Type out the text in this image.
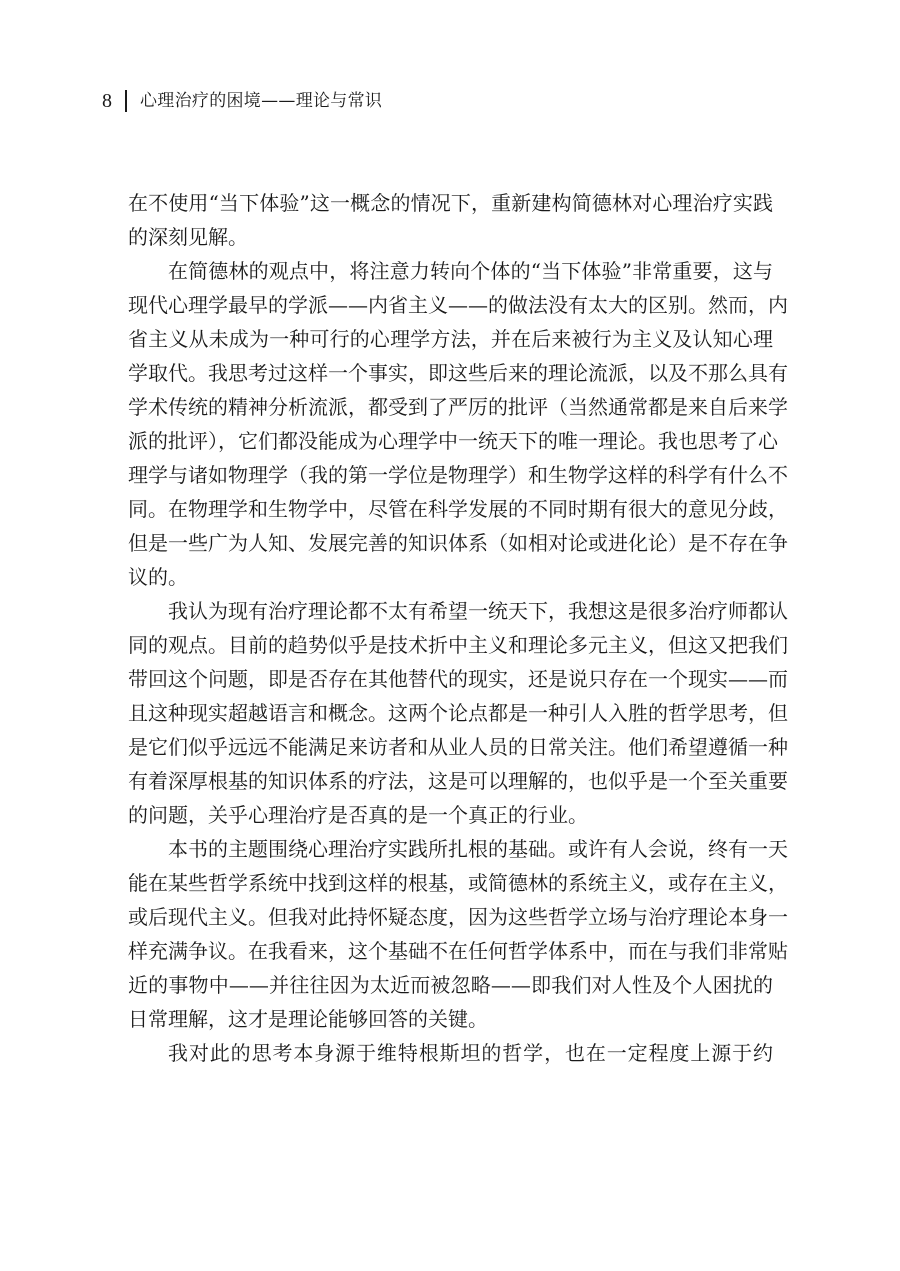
8 心理治疗的困境——理论与常识
在不使用“当下体验”这一概念的情况下，重新建构简德林对心理治疗实践
的深刻见解。
在简德林的观点中，将注意力转向个体的“当下体验”非常重要，这与
现代心理学最早的学派——内省主义——的做法没有太大的区别。然而，内
省主义从未成为一种可行的心理学方法，并在后来被行为主义及认知心理
学取代。我思考过这样一个事实，即这些后来的理论流派，以及不那么具有
学术传统的精神分析流派，都受到了严厉的批评（当然通常都是来自后来学
派的批评），它们都没能成为心理学中一统天下的唯一理论。我也思考了心
理学与诸如物理学（我的第一学位是物理学）和生物学这样的科学有什么不
同。在物理学和生物学中，尽管在科学发展的不同时期有很大的意见分歧，
但是一些广为人知、发展完善的知识体系（如相对论或进化论）是不存在争
议的。
我认为现有治疗理论都不太有希望一统天下，我想这是很多治疗师都认
同的观点。目前的趋势似乎是技术折中主义和理论多元主义，但这又把我们
带回这个问题，即是否存在其他替代的现实，还是说只存在一个现实——而
且这种现实超越语言和概念。这两个论点都是一种引人入胜的哲学思考，但
是它们似乎远远不能满足来访者和从业人员的日常关注。他们希望遵循一种
有着深厚根基的知识体系的疗法，这是可以理解的，也似乎是一个至关重要
的问题，关乎心理治疗是否真的是一个真正的行业。
本书的主题围绕心理治疗实践所扎根的基础。或许有人会说，终有一天
能在某些哲学系统中找到这样的根基，或简德林的系统主义，或存在主义，
或后现代主义。但我对此持怀疑态度，因为这些哲学立场与治疗理论本身一
样充满争议。在我看来，这个基础不在任何哲学体系中，而在与我们非常贴
近的事物中——并往往因为太近而被忽略——即我们对人性及个人困扰的
日常理解，这才是理论能够回答的关键。
我对此的思考本身源于维特根斯坦的哲学，也在一定程度上源于约
